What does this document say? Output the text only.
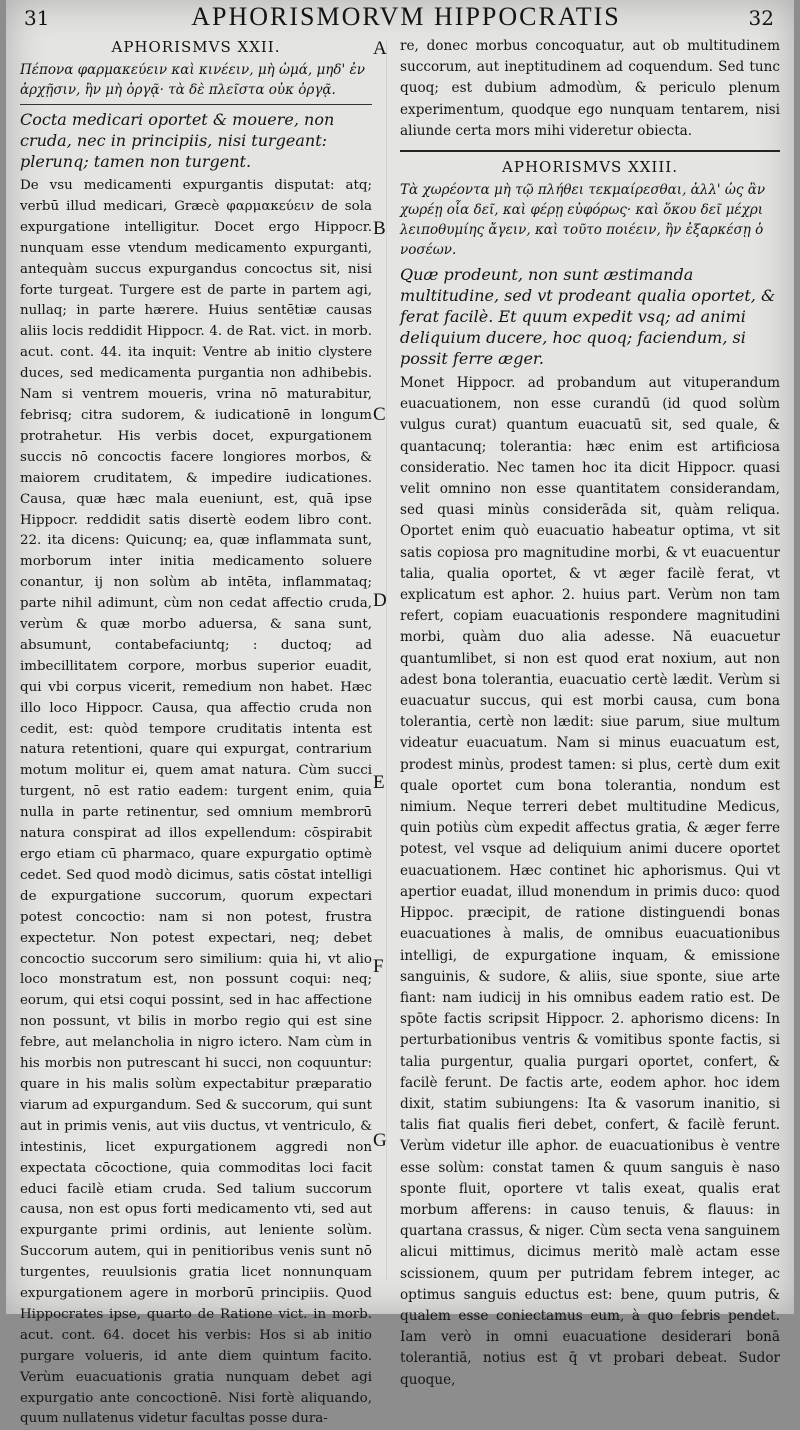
31	APHORISMORVM HIPPOCRATIS	32
APHORISMVS XXII.

Πέπονα φαρμακεύειν καὶ κινέειν, μὴ ὠμά, μηδ' ἐν ἀρχῇσιν, ἢν μὴ ὀργᾷ· τὰ δὲ πλεῖστα οὐκ ὀργᾷ.

Cocta medicari oportet & mouere, non cruda, nec in principiis, nisi turgeant: plerunq; tamen non turgent.

De vsu medicamenti expurgantis disputat: atq; verbū illud medicari, Græcè φαρμακεύειν de sola expurgatione intelligitur. Docet ergo Hippocr. nunquam esse vtendum medicamento expurganti, antequàm succus expurgandus concoctus sit, nisi forte turgeat. Turgere est de parte in partem agi, nullaq; in parte hærere. Huius sentētiæ causas aliis locis reddidit Hippocr. 4. de Rat. vict. in morb. acut. cont. 44. ita inquit: Ventre ab initio clystere duces, sed medicamenta purgantia non adhibebis. Nam si ventrem moueris, vrina nō maturabitur, febrisq; citra sudorem, & iudicationē in longum protrahetur. His verbis docet, expurgationem succis nō concoctis facere longiores morbos, & maiorem cruditatem, & impedire iudicationes. Causa, quæ hæc mala eueniunt, est, quā ipse Hippocr. reddidit satis disertè eodem libro cont. 22. ita dicens: Quicunq; ea, quæ inflammata sunt, morborum inter initia medicamento soluere conantur, ij non solùm ab intēta, inflammataq; parte nihil adimunt, cùm non cedat affectio cruda, verùm & quæ morbo aduersa, & sana sunt, absumunt, contabefaciuntq; : ductoq; ad imbecillitatem corpore, morbus superior euadit, qui vbi corpus vicerit, remedium non habet. Hæc illo loco Hippocr. Causa, qua affectio cruda non cedit, est: quòd tempore cruditatis intenta est natura retentioni, quare qui expurgat, contrarium motum molitur ei, quem amat natura. Cùm succi turgent, nō est ratio eadem: turgent enim, quia nulla in parte retinentur, sed omnium membrorū natura conspirat ad illos expellendum: cōspirabit ergo etiam cū pharmaco, quare expurgatio optimè cedet. Sed quod modò dicimus, satis cōstat intelligi de expurgatione succorum, quorum expectari potest concoctio: nam si non potest, frustra expectetur. Non potest expectari, neq; debet concoctio succorum sero similium: quia hi, vt alio loco monstratum est, non possunt coqui: neq; eorum, qui etsi coqui possint, sed in hac affectione non possunt, vt bilis in morbo regio qui est sine febre, aut melancholia in nigro ictero. Nam cùm in his morbis non putrescant hi succi, non coquuntur: quare in his malis solùm expectabitur præparatio viarum ad expurgandum. Sed & succorum, qui sunt aut in primis venis, aut viis ductus, vt ventriculo, & intestinis, licet expurgationem aggredi non expectata cōcoctione, quia commoditas loci facit educi facilè etiam cruda. Sed talium succorum causa, non est opus forti medicamento vti, sed aut expurgante primi ordinis, aut leniente solùm. Succorum autem, qui in penitioribus venis sunt nō turgentes, reuulsionis gratia licet nonnunquam expurgationem agere in morborū principiis. Quod Hippocrates ipse, quarto de Ratione vict. in morb. acut. cont. 64. docet his verbis: Hos si ab initio purgare volueris, id ante diem quintum facito. Verùm euacuationis gratia nunquam debet agi expurgatio ante concoctionē. Nisi fortè aliquando, quum nullatenus videtur facultas posse dura-

A
B
C
D
E
F
G

re, donec morbus concoquatur, aut ob multitudinem succorum, aut ineptitudinem ad coquendum. Sed tunc quoq; est dubium admodùm, & periculo plenum experimentum, quodque ego nunquam tentarem, nisi aliunde certa mors mihi videretur obiecta.

APHORISMVS XXIII.

Τὰ χωρέοντα μὴ τῷ πλήθει τεκμαίρεσθαι, ἀλλ' ὡς ἂν χωρέῃ οἷα δεῖ, καὶ φέρῃ εὐφόρως· καὶ ὅκου δεῖ μέχρι λειποθυμίης ἄγειν, καὶ τοῦτο ποιέειν, ἢν ἐξαρκέσῃ ὁ νοσέων.

Quæ prodeunt, non sunt æstimanda multitudine, sed vt prodeant qualia oportet, & ferat facilè. Et quum expedit vsq; ad animi deliquium ducere, hoc quoq; faciendum, si possit ferre æger.

Monet Hippocr. ad probandum aut vituperandum euacuationem, non esse curandū (id quod solùm vulgus curat) quantum euacuatū sit, sed quale, & quantacunq; tolerantia: hæc enim est artificiosa consideratio. Nec tamen hoc ita dicit Hippocr. quasi velit omnino non esse quantitatem considerandam, sed quasi minùs considerāda sit, quàm reliqua. Oportet enim quò euacuatio habeatur optima, vt sit satis copiosa pro magnitudine morbi, & vt euacuentur talia, qualia oportet, & vt æger facilè ferat, vt explicatum est aphor. 2. huius part. Verùm non tam refert, copiam euacuationis respondere magnitudini morbi, quàm duo alia adesse. Nā euacuetur quantumlibet, si non est quod erat noxium, aut non adest bona tolerantia, euacuatio certè lædit. Verùm si euacuatur succus, qui est morbi causa, cum bona tolerantia, certè non lædit: siue parum, siue multum videatur euacuatum. Nam si minus euacuatum est, prodest minùs, prodest tamen: si plus, certè dum exit quale oportet cum bona tolerantia, nondum est nimium. Neque terreri debet multitudine Medicus, quin potiùs cùm expedit affectus gratia, & æger ferre potest, vel vsque ad deliquium animi ducere oportet euacuationem. Hæc continet hic aphorismus. Qui vt apertior euadat, illud monendum in primis duco: quod Hippoc. præcipit, de ratione distinguendi bonas euacuationes à malis, de omnibus euacuationibus intelligi, de expurgatione inquam, & emissione sanguinis, & sudore, & aliis, siue sponte, siue arte fiant: nam iudicij in his omnibus eadem ratio est. De spōte factis scripsit Hippocr. 2. aphorismo dicens: In perturbationibus ventris & vomitibus sponte factis, si talia purgentur, qualia purgari oportet, confert, & facilè ferunt. De factis arte, eodem aphor. hoc idem dixit, statim subiungens: Ita & vasorum inanitio, si talis fiat qualis fieri debet, confert, & facilè ferunt. Verùm videtur ille aphor. de euacuationibus è ventre esse solùm: constat tamen & quum sanguis è naso sponte fluit, oportere vt talis exeat, qualis erat morbum afferens: in causo tenuis, & flauus: in quartana crassus, & niger. Cùm secta vena sanguinem alicui mittimus, dicimus meritò malè actam esse scissionem, quum per putridam febrem integer, ac optimus sanguis eductus est: bene, quum putris, & qualem esse coniectamus eum, à quo febris pendet. Iam verò in omni euacuatione desiderari bonā tolerantiā, notius est q̄ vt probari debeat. Sudor quoque,
